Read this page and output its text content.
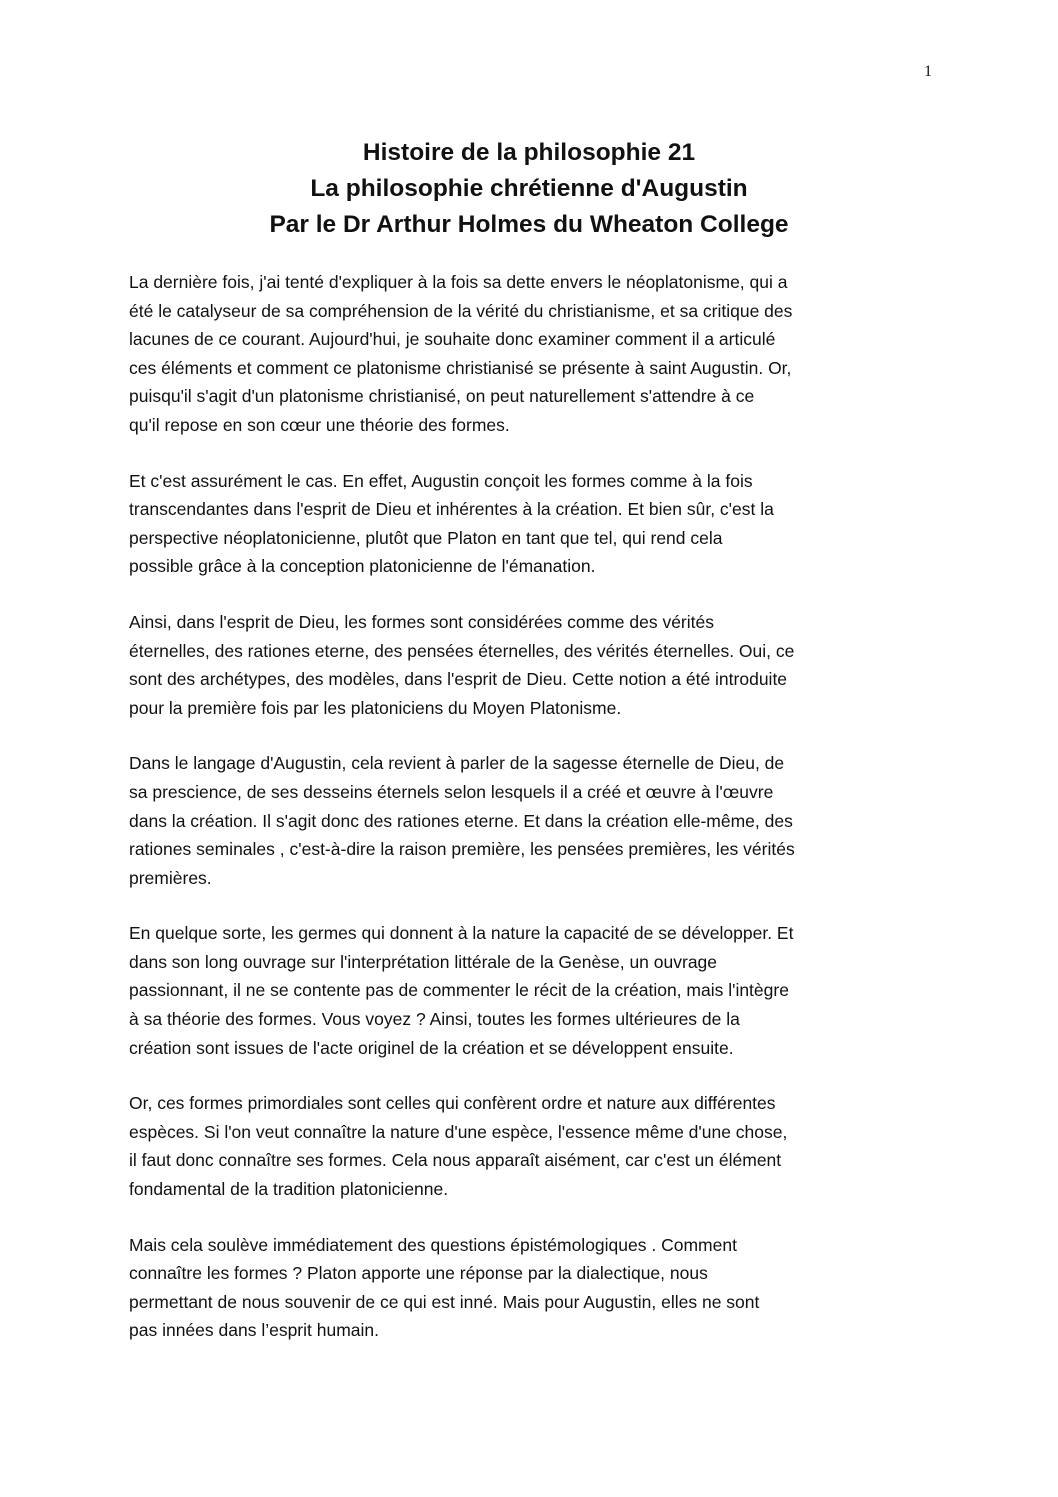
1
Histoire de la philosophie 21
La philosophie chrétienne d'Augustin
Par le Dr Arthur Holmes du Wheaton College

La dernière fois, j'ai tenté d'expliquer à la fois sa dette envers le néoplatonisme, qui a
été le catalyseur de sa compréhension de la vérité du christianisme, et sa critique des
lacunes de ce courant. Aujourd'hui, je souhaite donc examiner comment il a articulé
ces éléments et comment ce platonisme christianisé se présente à saint Augustin. Or,
puisqu'il s'agit d'un platonisme christianisé, on peut naturellement s'attendre à ce
qu'il repose en son cœur une théorie des formes.

Et c'est assurément le cas. En effet, Augustin conçoit les formes comme à la fois
transcendantes dans l'esprit de Dieu et inhérentes à la création. Et bien sûr, c'est la
perspective néoplatonicienne, plutôt que Platon en tant que tel, qui rend cela
possible grâce à la conception platonicienne de l'émanation.

Ainsi, dans l'esprit de Dieu, les formes sont considérées comme des vérités
éternelles, des rationes eterne, des pensées éternelles, des vérités éternelles. Oui, ce
sont des archétypes, des modèles, dans l'esprit de Dieu. Cette notion a été introduite
pour la première fois par les platoniciens du Moyen Platonisme.

Dans le langage d'Augustin, cela revient à parler de la sagesse éternelle de Dieu, de
sa prescience, de ses desseins éternels selon lesquels il a créé et œuvre à l'œuvre
dans la création. Il s'agit donc des rationes eterne. Et dans la création elle-même, des
rationes seminales , c'est-à-dire la raison première, les pensées premières, les vérités
premières.

En quelque sorte, les germes qui donnent à la nature la capacité de se développer. Et
dans son long ouvrage sur l'interprétation littérale de la Genèse, un ouvrage
passionnant, il ne se contente pas de commenter le récit de la création, mais l'intègre
à sa théorie des formes. Vous voyez ? Ainsi, toutes les formes ultérieures de la
création sont issues de l'acte originel de la création et se développent ensuite.

Or, ces formes primordiales sont celles qui confèrent ordre et nature aux différentes
espèces. Si l'on veut connaître la nature d'une espèce, l'essence même d'une chose,
il faut donc connaître ses formes. Cela nous apparaît aisément, car c'est un élément
fondamental de la tradition platonicienne.

Mais cela soulève immédiatement des questions épistémologiques . Comment
connaître les formes ? Platon apporte une réponse par la dialectique, nous
permettant de nous souvenir de ce qui est inné. Mais pour Augustin, elles ne sont
pas innées dans l’esprit humain.
